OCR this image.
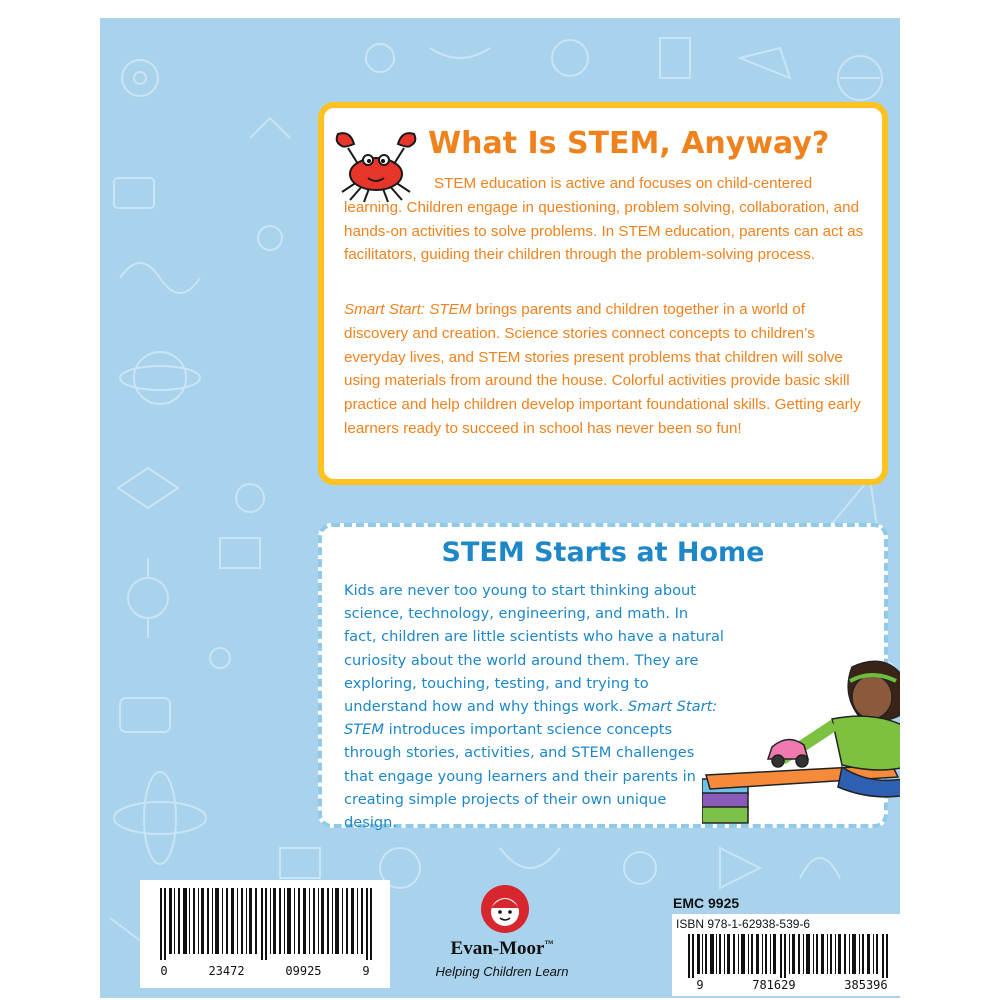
What Is STEM, Anyway?

STEM education is active and focuses on child-centered learning. Children engage in questioning, problem solving, collaboration, and hands-on activities to solve problems. In STEM education, parents can act as facilitators, guiding their children through the problem-solving process.

Smart Start: STEM brings parents and children together in a world of discovery and creation. Science stories connect concepts to children’s everyday lives, and STEM stories present problems that children will solve using materials from around the house. Colorful activities provide basic skill practice and help children develop important foundational skills. Getting early learners ready to succeed in school has never been so fun!

STEM Starts at Home

Kids are never too young to start thinking about science, technology, engineering, and math. In fact, children are little scientists who have a natural curiosity about the world around them. They are exploring, touching, testing, and trying to understand how and why things work. Smart Start: STEM introduces important science concepts through stories, activities, and STEM challenges that engage young learners and their parents in creating simple projects of their own unique design.

0	23472	09925	9

Evan-Moor™

Helping Children Learn

EMC 9925

ISBN 978-1-62938-539-6

9	781629	385396
